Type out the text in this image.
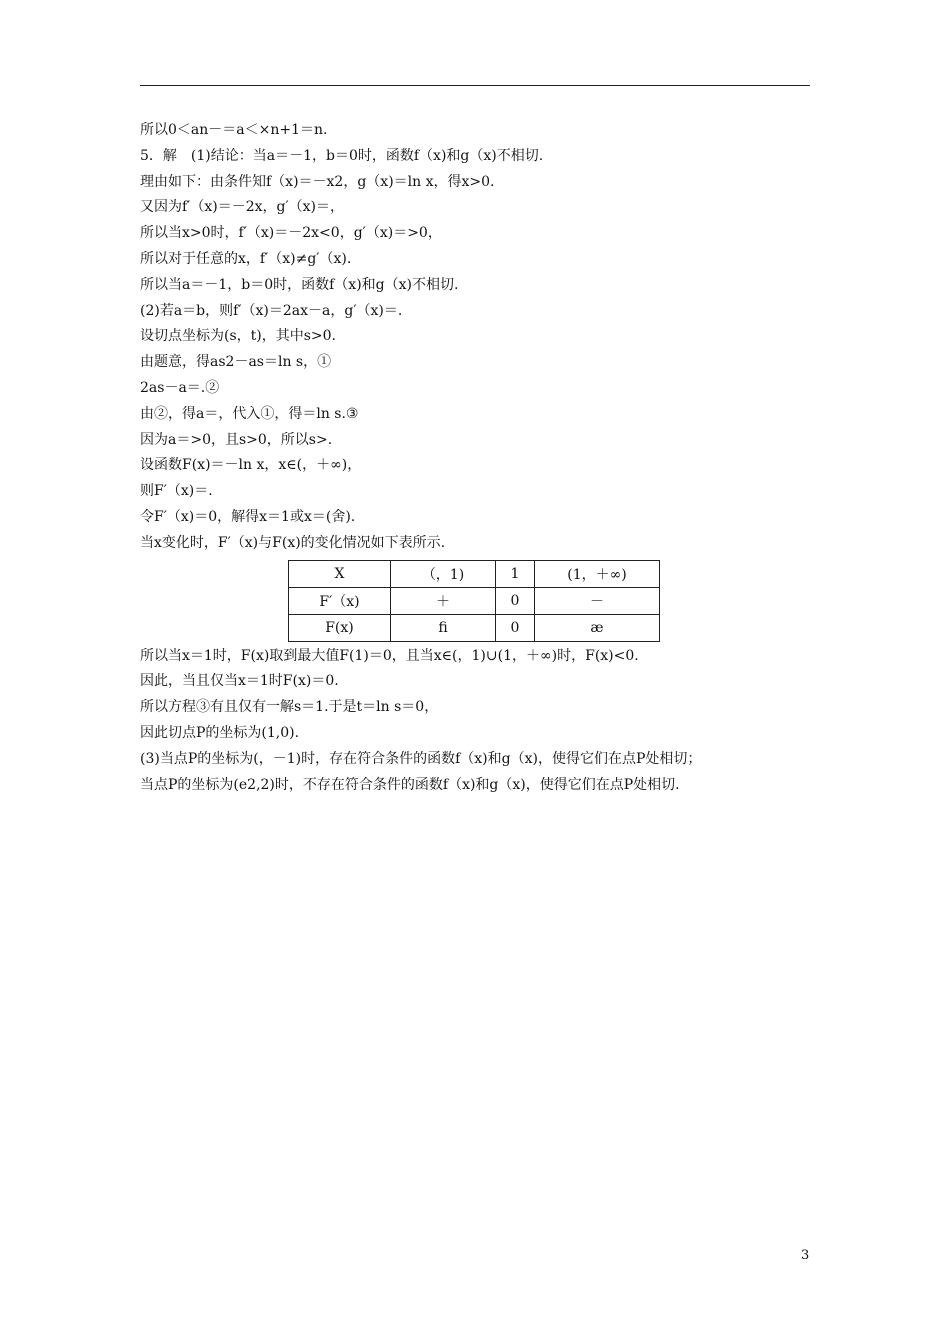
所以0＜an－＝a＜×n+1＝n.
5．解　(1)结论：当a＝－1，b＝0时，函数f（x)和g（x)不相切.
理由如下：由条件知f（x)＝－x2，g（x)＝ln x，得x>0.
又因为f′（x)＝－2x，g′（x)＝，
所以当x>0时，f′（x)＝－2x<0，g′（x)＝>0，
所以对于任意的x，f′（x)≠g′（x).
所以当a＝－1，b＝0时，函数f（x)和g（x)不相切.
(2)若a＝b，则f′（x)＝2ax－a，g′（x)＝.
设切点坐标为(s，t)，其中s>0.
由题意，得as2－as＝ln s，①
2as－a＝.②
由②，得a＝，代入①，得＝ln s.③
因为a＝>0，且s>0，所以s>.
设函数F(x)＝－ln x，x∈(，＋∞)，
则F′（x)＝.
令F′（x)＝0，解得x＝1或x＝(舍).
当x变化时，F′（x)与F(x)的变化情况如下表所示.
X	（，1)	1	(1，＋∞)
F′（x)	＋	0	－
F(x)	ﬁ	0	æ
所以当x＝1时，F(x)取到最大值F(1)＝0，且当x∈(，1)∪(1，＋∞)时，F(x)<0.
因此，当且仅当x＝1时F(x)＝0.
所以方程③有且仅有一解s＝1.于是t＝ln s＝0，
因此切点P的坐标为(1,0).
(3)当点P的坐标为(，－1)时，存在符合条件的函数f（x)和g（x)，使得它们在点P处相切；
当点P的坐标为(e2,2)时，不存在符合条件的函数f（x)和g（x)，使得它们在点P处相切.
3
